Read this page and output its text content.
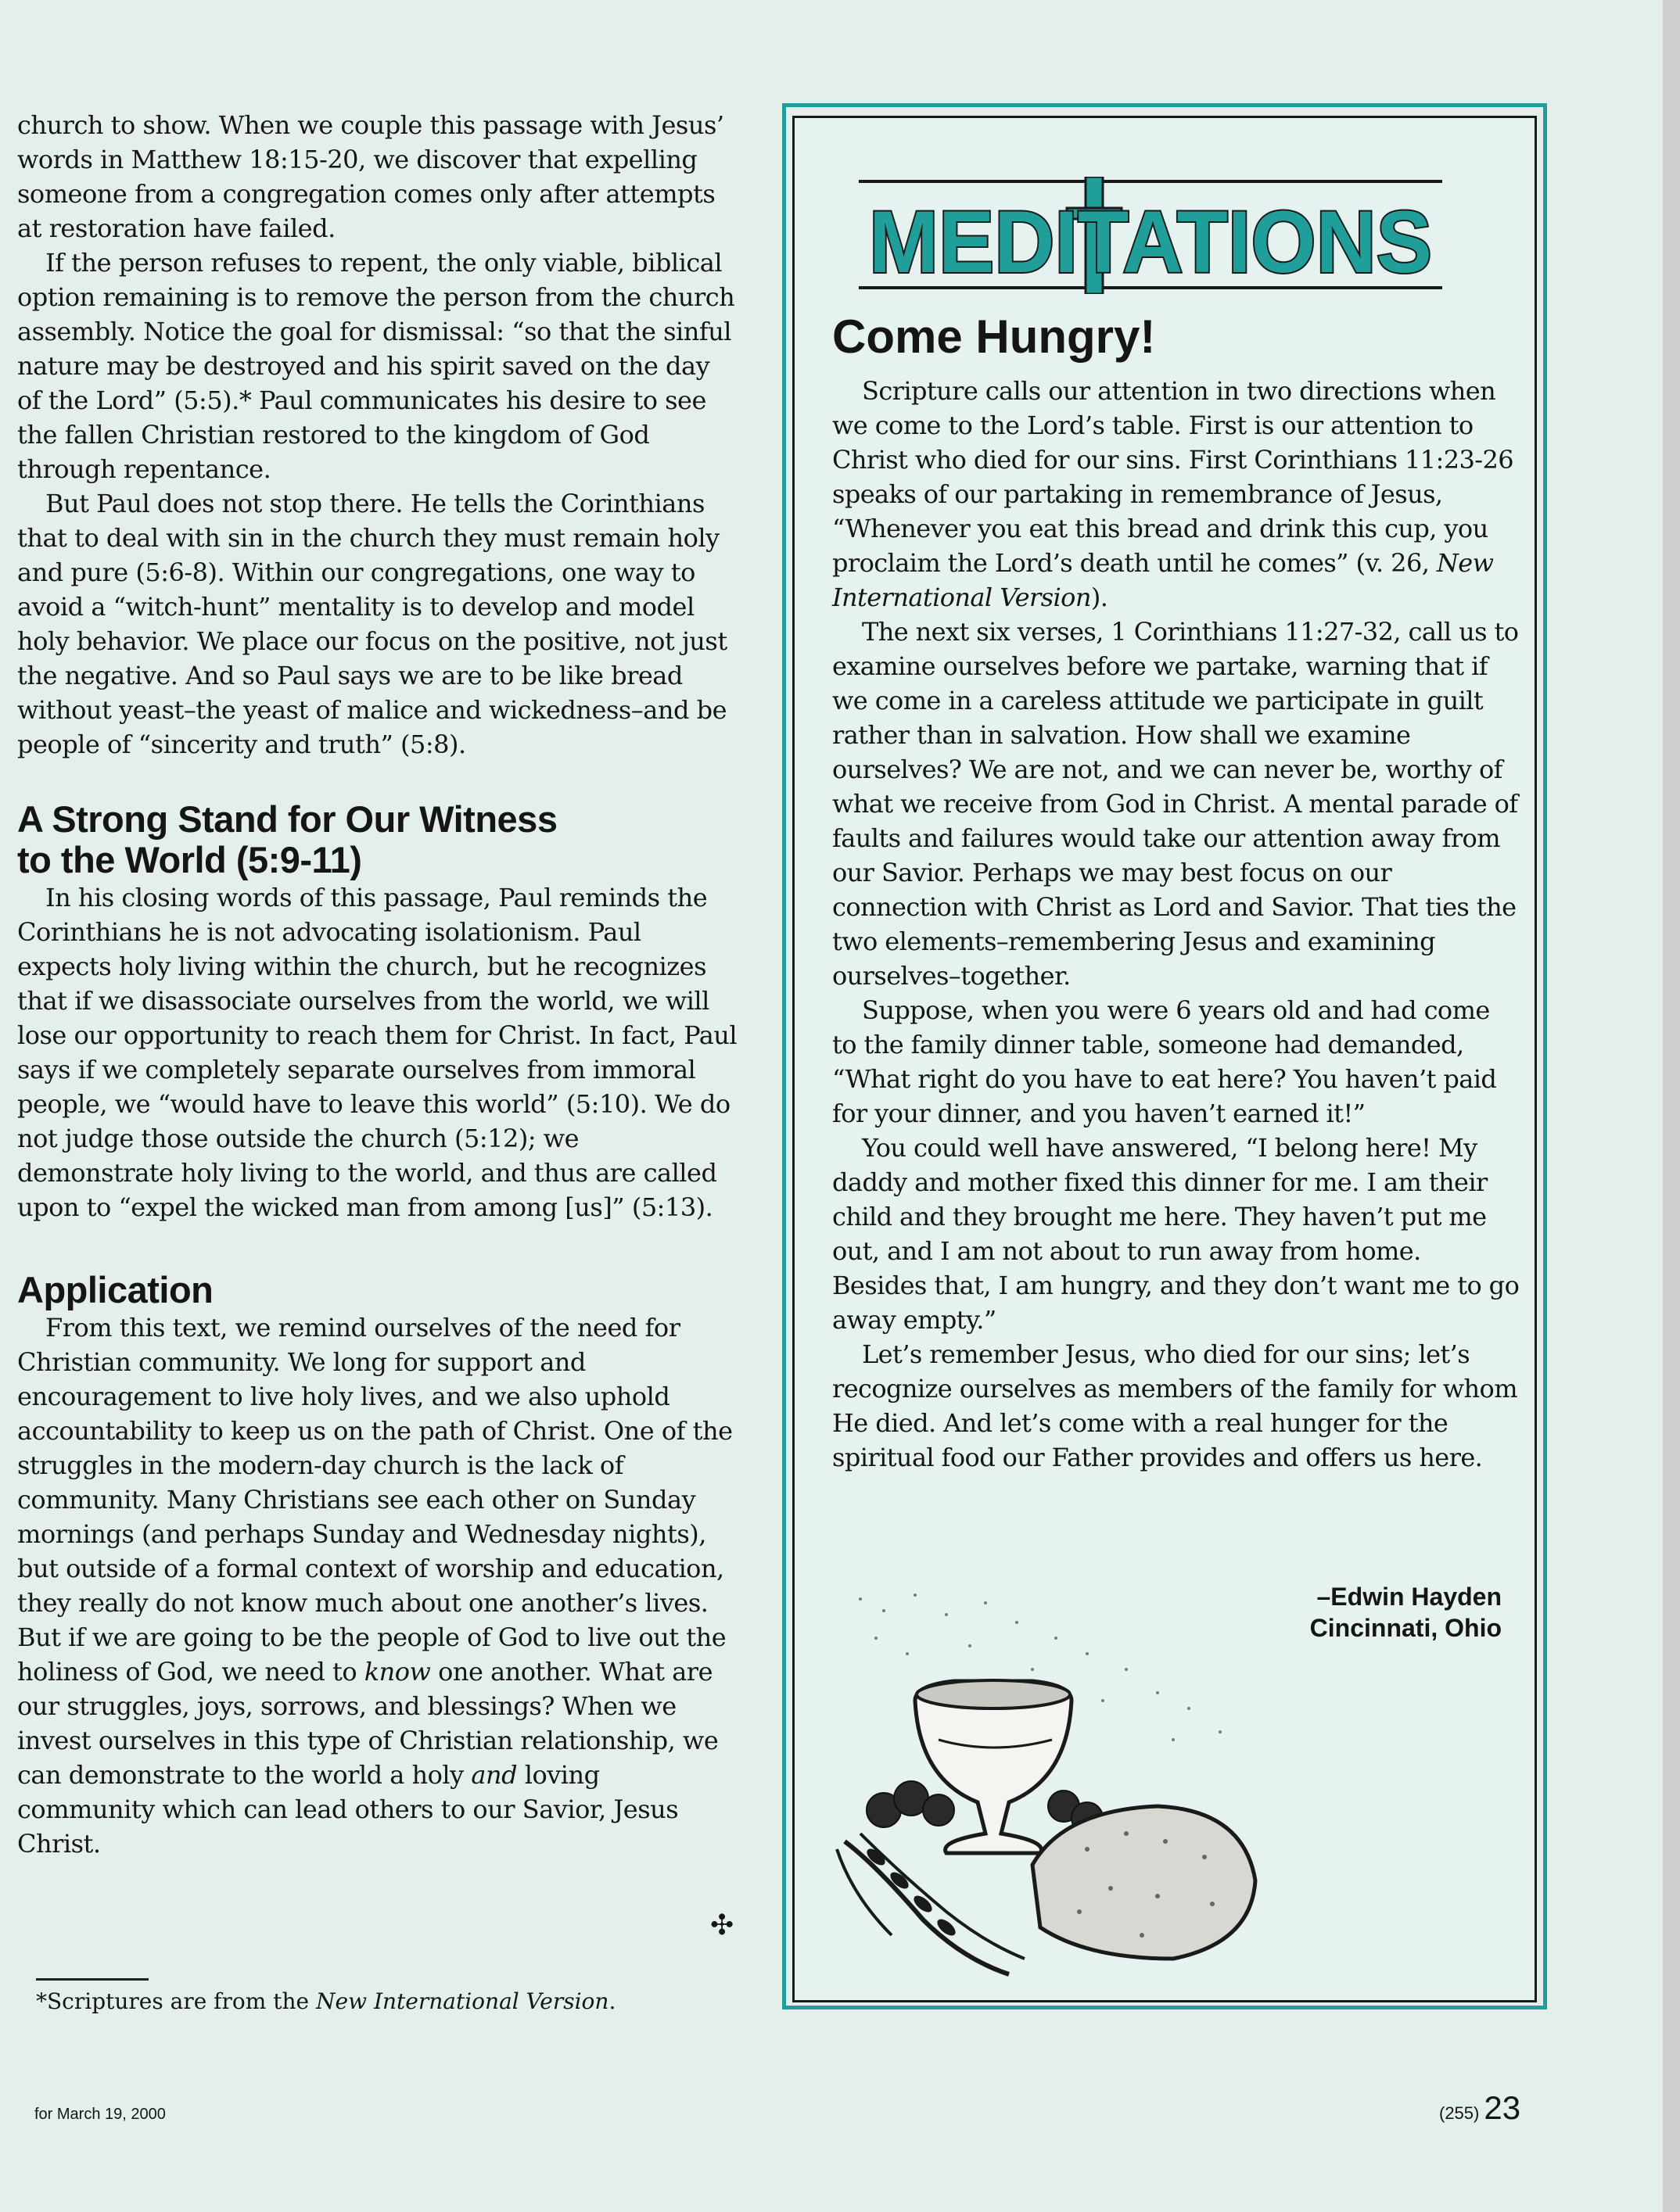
church to show. When we couple this passage with Jesus’ words in Matthew 18:15-20, we discover that expelling someone from a congregation comes only after attempts at restoration have failed.

If the person refuses to repent, the only viable, biblical option remaining is to remove the person from the church assembly. Notice the goal for dismissal: “so that the sinful nature may be destroyed and his spirit saved on the day of the Lord” (5:5).* Paul communicates his desire to see the fallen Christian restored to the kingdom of God through repentance.

But Paul does not stop there. He tells the Corinthians that to deal with sin in the church they must remain holy and pure (5:6-8). Within our congregations, one way to avoid a “witch-hunt” mentality is to develop and model holy behavior. We place our focus on the positive, not just the negative. And so Paul says we are to be like bread without yeast–the yeast of malice and wickedness–and be people of “sincerity and truth” (5:8).

A Strong Stand for Our Witness
to the World (5:9-11)

In his closing words of this passage, Paul reminds the Corinthians he is not advocating isolationism. Paul expects holy living within the church, but he recognizes that if we disassociate ourselves from the world, we will lose our opportunity to reach them for Christ. In fact, Paul says if we completely separate ourselves from immoral people, we “would have to leave this world” (5:10). We do not judge those outside the church (5:12); we demonstrate holy living to the world, and thus are called upon to “expel the wicked man from among [us]” (5:13).

Application

From this text, we remind ourselves of the need for Christian community. We long for support and encouragement to live holy lives, and we also uphold accountability to keep us on the path of Christ. One of the struggles in the modern-day church is the lack of community. Many Christians see each other on Sunday mornings (and perhaps Sunday and Wednesday nights), but outside of a formal context of worship and education, they really do not know much about one another’s lives. But if we are going to be the people of God to live out the holiness of God, we need to know one another. What are our struggles, joys, sorrows, and blessings? When we invest ourselves in this type of Christian relationship, we can demonstrate to the world a holy and loving community which can lead others to our Savior, Jesus Christ.

✣
*Scriptures are from the New International Version.
for March 19, 2000	(255) 23
MEDITATIONS
Come Hungry!

Scripture calls our attention in two directions when we come to the Lord’s table. First is our attention to Christ who died for our sins. First Corinthians 11:23-26 speaks of our partaking in remembrance of Jesus, “Whenever you eat this bread and drink this cup, you proclaim the Lord’s death until he comes” (v. 26, New International Version).

The next six verses, 1 Corinthians 11:27-32, call us to examine ourselves before we partake, warning that if we come in a careless attitude we participate in guilt rather than in salvation. How shall we examine ourselves? We are not, and we can never be, worthy of what we receive from God in Christ. A mental parade of faults and failures would take our attention away from our Savior. Perhaps we may best focus on our connection with Christ as Lord and Savior. That ties the two elements–remembering Jesus and examining ourselves–together.

Suppose, when you were 6 years old and had come to the family dinner table, someone had demanded, “What right do you have to eat here? You haven’t paid for your dinner, and you haven’t earned it!”

You could well have answered, “I belong here! My daddy and mother fixed this dinner for me. I am their child and they brought me here. They haven’t put me out, and I am not about to run away from home. Besides that, I am hungry, and they don’t want me to go away empty.”

Let’s remember Jesus, who died for our sins; let’s recognize ourselves as members of the family for whom He died. And let’s come with a real hunger for the spiritual food our Father provides and offers us here.

–Edwin Hayden
Cincinnati, Ohio
